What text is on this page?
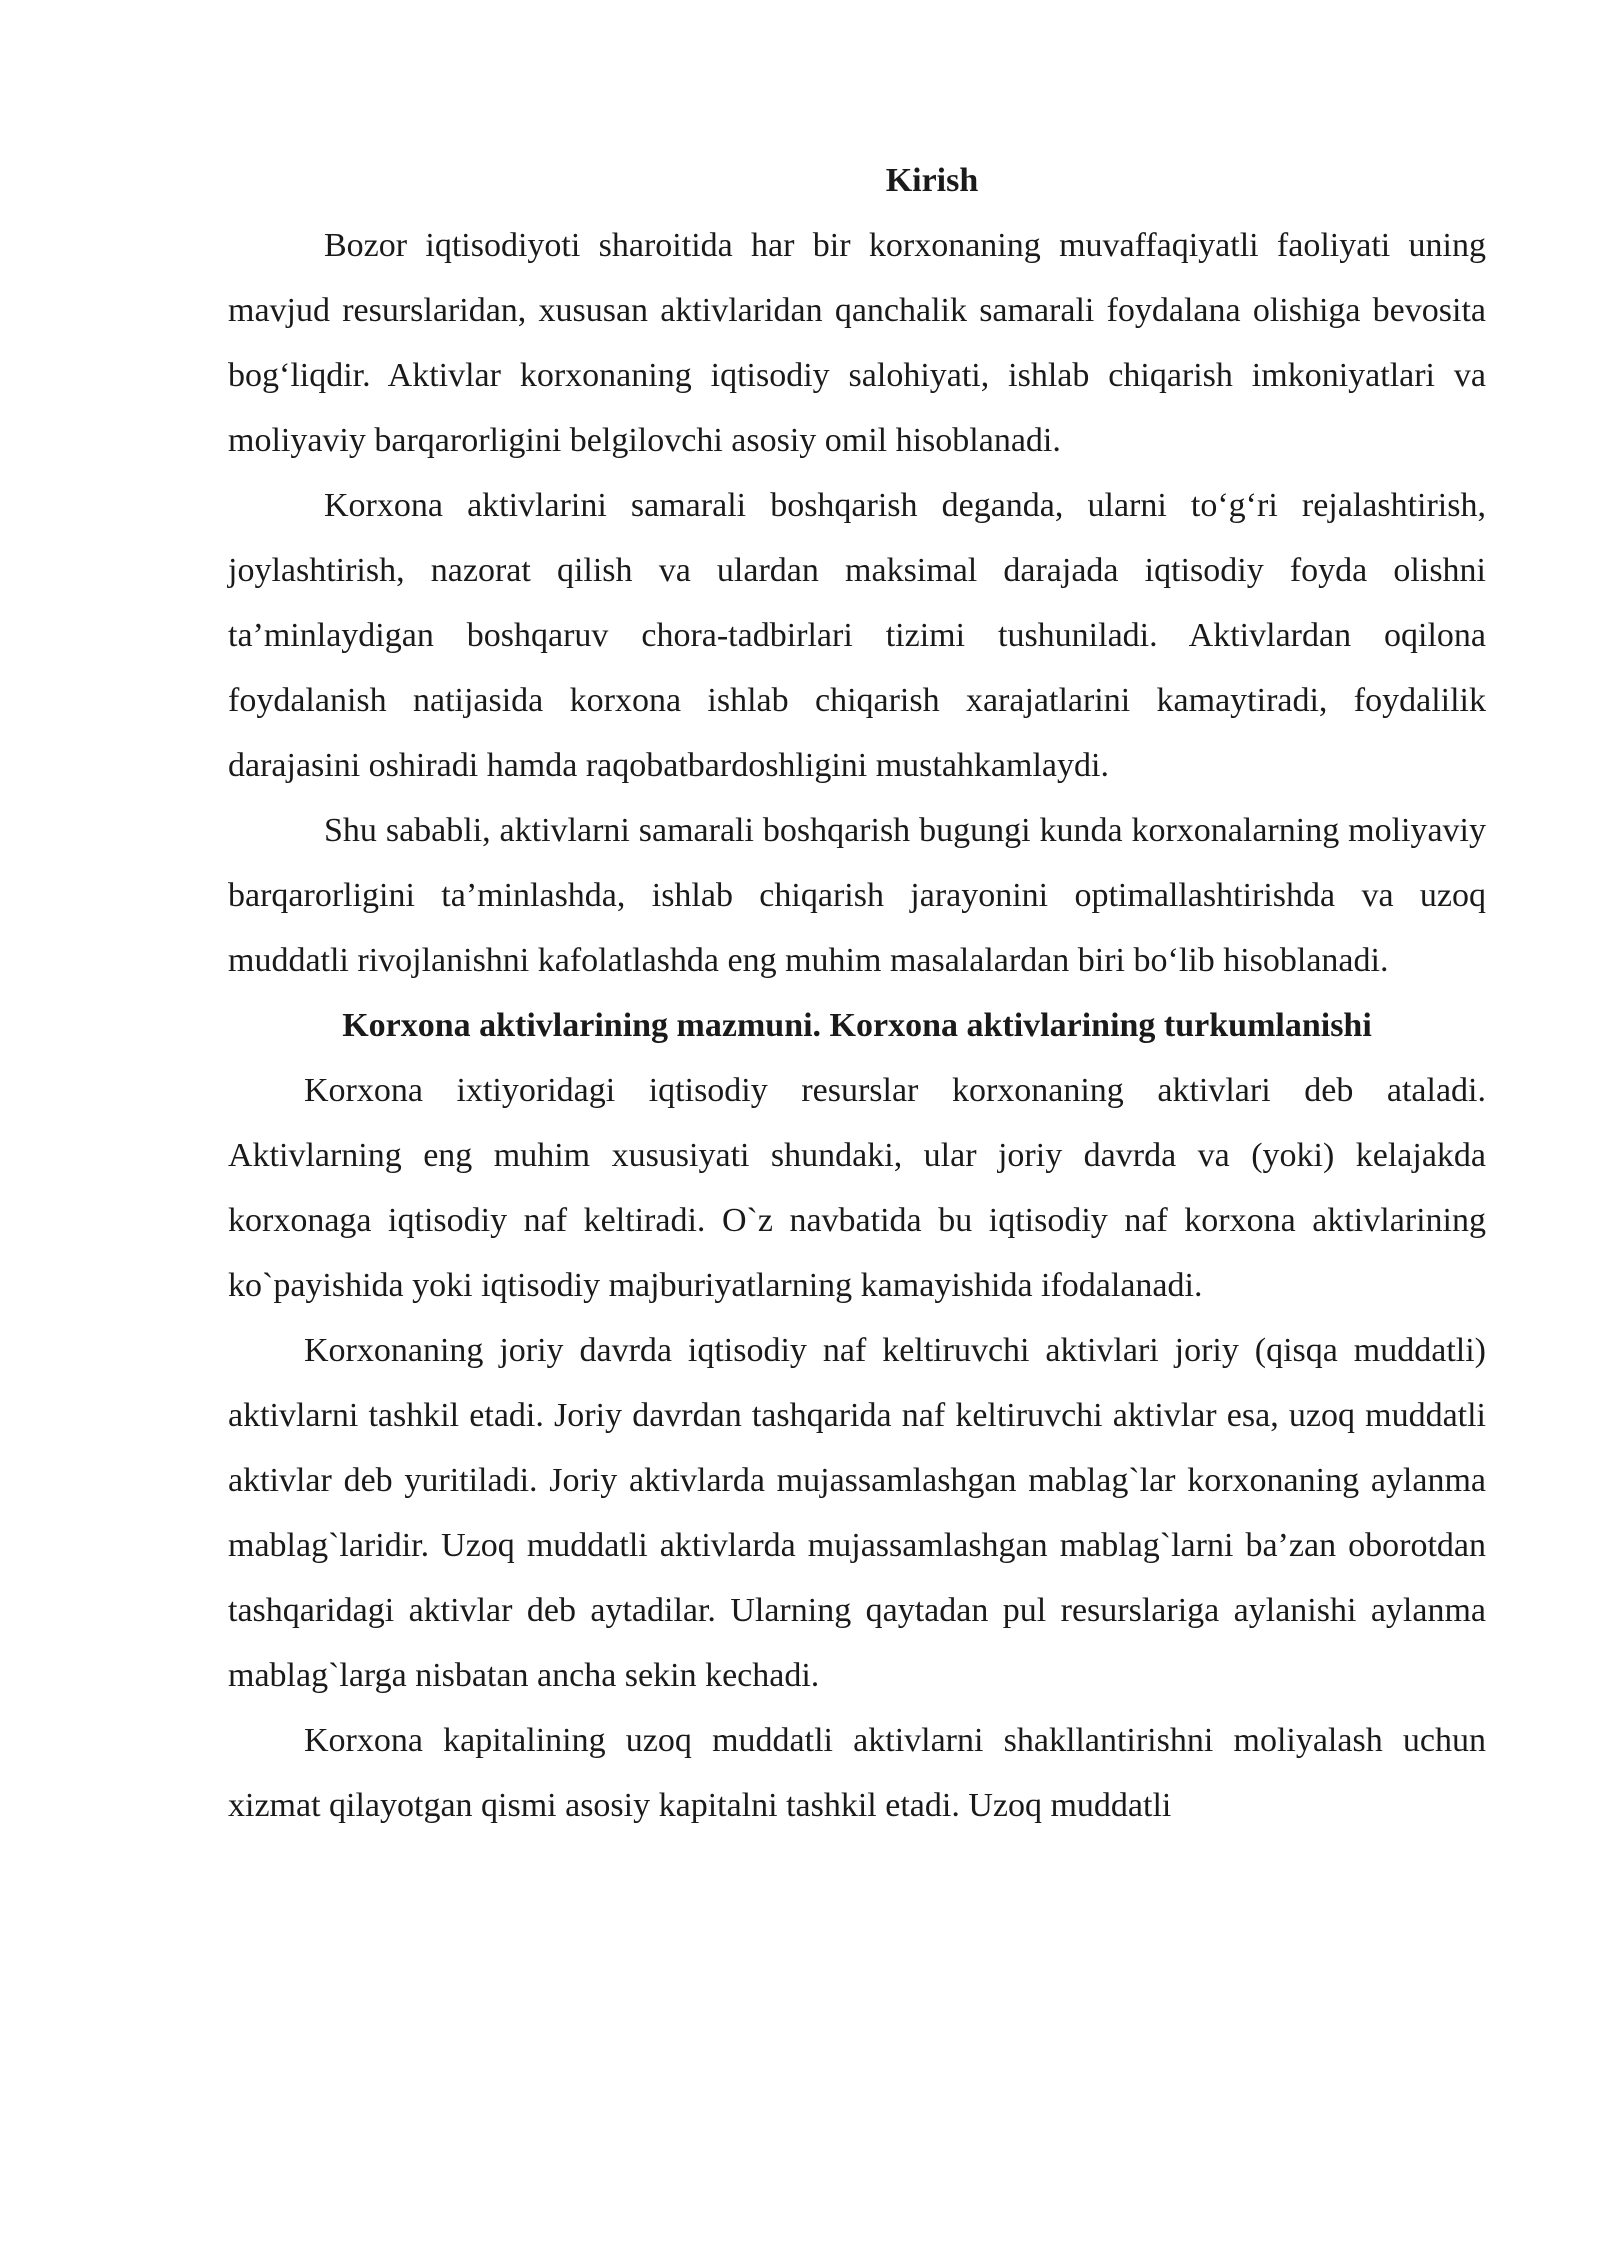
Kirish

Bozor iqtisodiyoti sharoitida har bir korxonaning muvaffaqiyatli faoliyati uning mavjud resurslaridan, xususan aktivlaridan qanchalik samarali foydalana olishiga bevosita bog‘liqdir. Aktivlar korxonaning iqtisodiy salohiyati, ishlab chiqarish imkoniyatlari va moliyaviy barqarorligini belgilovchi asosiy omil hisoblanadi.

Korxona aktivlarini samarali boshqarish deganda, ularni to‘g‘ri rejalashtirish, joylashtirish, nazorat qilish va ulardan maksimal darajada iqtisodiy foyda olishni ta’minlaydigan boshqaruv chora-tadbirlari tizimi tushuniladi. Aktivlardan oqilona foydalanish natijasida korxona ishlab chiqarish xarajatlarini kamaytiradi, foydalilik darajasini oshiradi hamda raqobatbardoshligini mustahkamlaydi.

Shu sababli, aktivlarni samarali boshqarish bugungi kunda korxonalarning moliyaviy barqarorligini ta’minlashda, ishlab chiqarish jarayonini optimallashtirishda va uzoq muddatli rivojlanishni kafolatlashda eng muhim masalalardan biri bo‘lib hisoblanadi.

Korxona aktivlarining mazmuni. Korxona aktivlarining turkumlanishi

Korxona ixtiyoridagi iqtisodiy resurslar korxonaning aktivlari deb ataladi. Aktivlarning eng muhim xususiyati shundaki, ular joriy davrda va (yoki) kelajakda korxonaga iqtisodiy naf keltiradi. O`z navbatida bu iqtisodiy naf korxona aktivlarining ko`payishida yoki iqtisodiy majburiyatlarning kamayishida ifodalanadi.

Korxonaning joriy davrda iqtisodiy naf keltiruvchi aktivlari joriy (qisqa muddatli) aktivlarni tashkil etadi. Joriy davrdan tashqarida naf keltiruvchi aktivlar esa, uzoq muddatli aktivlar deb yuritiladi. Joriy aktivlarda mujassamlashgan mablag`lar korxonaning aylanma mablag`laridir. Uzoq muddatli aktivlarda mujassamlashgan mablag`larni ba’zan oborotdan tashqaridagi aktivlar deb aytadilar. Ularning qaytadan pul resurslariga aylanishi aylanma mablag`larga nisbatan ancha sekin kechadi.

Korxona kapitalining uzoq muddatli aktivlarni shakllantirishni moliyalash uchun xizmat qilayotgan qismi asosiy kapitalni tashkil etadi. Uzoq muddatli
